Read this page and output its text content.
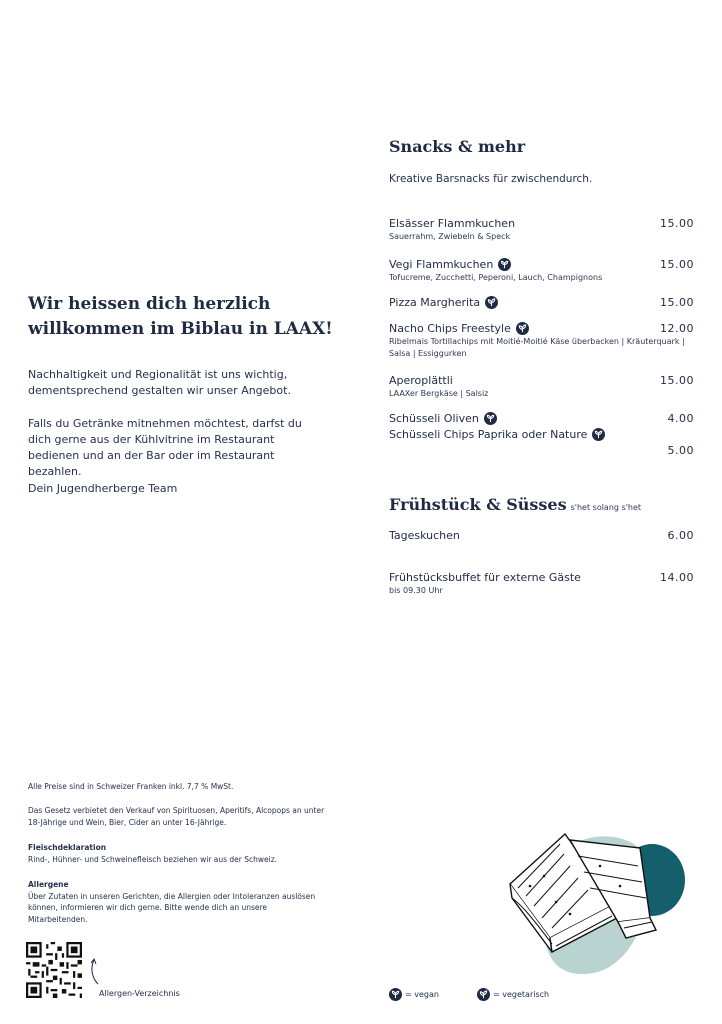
Wir heissen dich herzlich
willkommen im Biblau in LAAX!
Nachhaltigkeit und Regionalität ist uns wichtig, dementsprechend gestalten wir unser Angebot.
Falls du Getränke mitnehmen möchtest, darfst du dich gerne aus der Kühlvitrine im Restaurant bedienen und an der Bar oder im Restaurant bezahlen.
Dein Jugendherberge Team
Snacks & mehr
Kreative Barsnacks für zwischendurch.
Elsässer Flammkuchen	15.00
Sauerrahm, Zwiebeln & Speck
Vegi Flammkuchen	15.00
Tofucreme, Zucchetti, Peperoni, Lauch, Champignons
Pizza Margherita	15.00
Nacho Chips Freestyle	12.00
Ribelmais Tortillachips mit Moitié-Moitié Käse überbacken | Kräuterquark | Salsa | Essiggurken
Aperoplättli	15.00
LAAXer Bergkäse | Salsiz
Schüsseli Oliven	4.00
Schüsseli Chips Paprika oder Nature
5.00
Frühstück & Süsses s'het solang s'het
Tageskuchen	6.00
Frühstücksbuffet für externe Gäste	14.00
bis 09.30 Uhr
Alle Preise sind in Schweizer Franken inkl. 7,7 % MwSt.
Das Gesetz verbietet den Verkauf von Spirituosen, Aperitifs, Alcopops an unter 18-Jährige und Wein, Bier, Cider an unter 16-Jährige.
Fleischdeklaration
Rind-, Hühner- und Schweinefleisch beziehen wir aus der Schweiz.
Allergene
Über Zutaten in unseren Gerichten, die Allergien oder Intoleranzen auslösen können, informieren wir dich gerne. Bitte wende dich an unsere Mitarbeitenden.
Allergen-Verzeichnis	= vegan	= vegetarisch
